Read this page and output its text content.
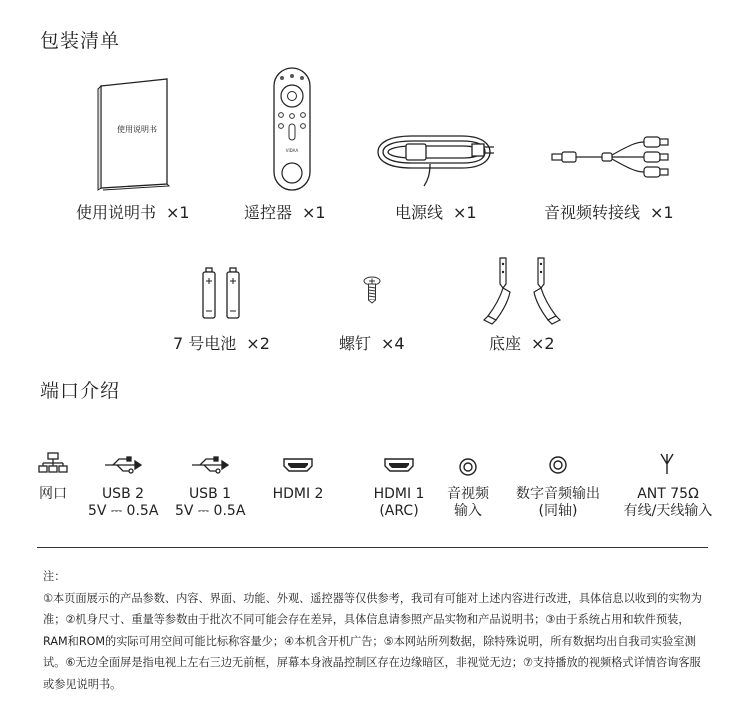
包装清单
使用说明书
使用说明书 ×1
VIDAA
遥控器 ×1	电源线 ×1	音视频转接线 ×1
7 号电池 ×2	螺钉 ×4	底座 ×2
端口介绍
网口	USB 2
5V ⎓ 0.5A
USB 1
5V ⎓ 0.5A
HDMI 2	HDMI 1
(ARC)
音视频
输入
数字音频输出
(同轴)
ANT 75Ω
有线/天线输入

注：

①本页面展示的产品参数、内容、界面、功能、外观、遥控器等仅供参考，我司有可能对上述内容进行改进，具体信息以收到的实物为准；②机身尺寸、重量等参数由于批次不同可能会存在差异，具体信息请参照产品实物和产品说明书；③由于系统占用和软件预装，RAM和ROM的实际可用空间可能比标称容量少；④本机含开机广告；⑤本网站所列数据，除特殊说明，所有数据均出自我司实验室测试。⑥无边全面屏是指电视上左右三边无前框，屏幕本身液晶控制区存在边缘暗区，非视觉无边；⑦支持播放的视频格式详情咨询客服或参见说明书。
